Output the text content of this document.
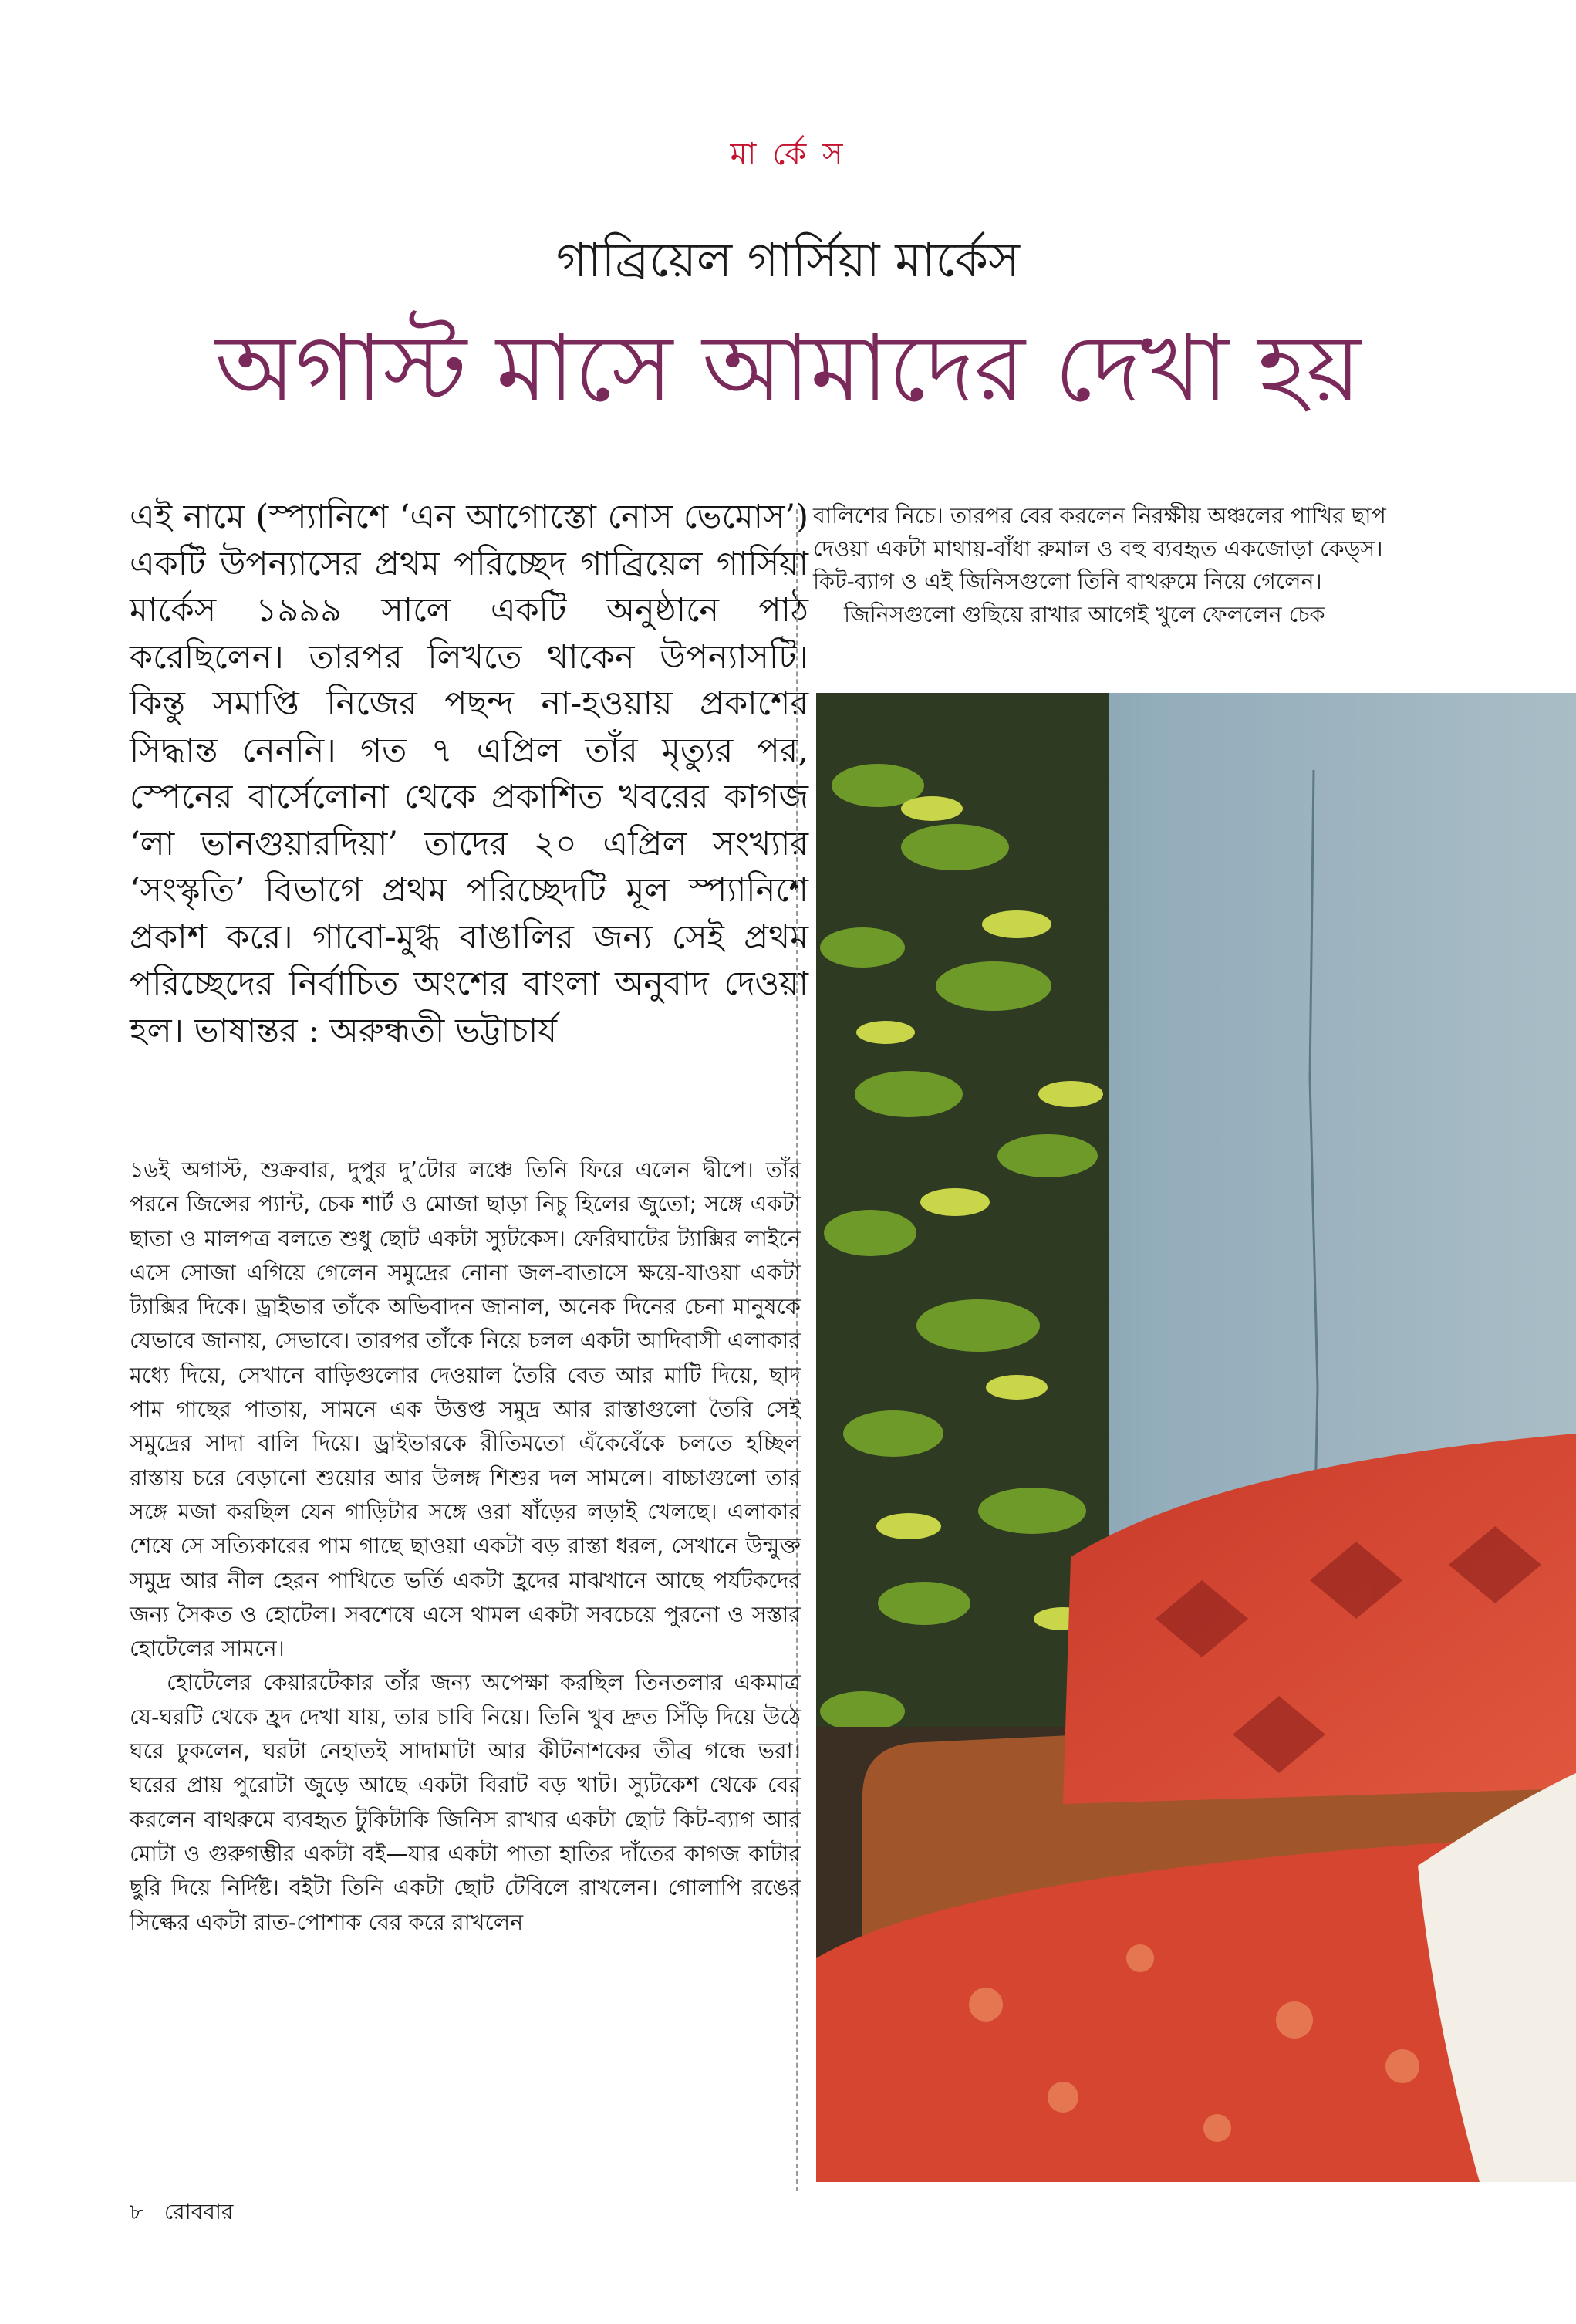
মা র্কে স
গাব্রিয়েল গার্সিয়া মার্কেস
অগাস্ট মাসে আমাদের দেখা হয়
এই নামে (স্প্যানিশে ‘এন আগোস্তো নোস ভেমোস’) একটি উপন্যাসের প্রথম পরিচ্ছেদ গাব্রিয়েল গার্সিয়া মার্কেস ১৯৯৯ সালে একটি অনুষ্ঠানে পাঠ করেছিলেন। তারপর লিখতে থাকেন উপন্যাসটি। কিন্তু সমাপ্তি নিজের পছন্দ না-হওয়ায় প্রকাশের সিদ্ধান্ত নেননি। গত ৭ এপ্রিল তাঁর মৃত্যুর পর, স্পেনের বার্সেলোনা থেকে প্রকাশিত খবরের কাগজ ‘লা ভানগুয়ারদিয়া’ তাদের ২০ এপ্রিল সংখ্যার ‘সংস্কৃতি’ বিভাগে প্রথম পরিচ্ছেদটি মূল স্প্যানিশে প্রকাশ করে। গাবো-মুগ্ধ বাঙালির জন্য সেই প্রথম পরিচ্ছেদের নির্বাচিত অংশের বাংলা অনুবাদ দেওয়া হল। ভাষান্তর : অরুন্ধতী ভট্টাচার্য

১৬ই অগাস্ট, শুক্রবার, দুপুর দু’টোর লঞ্চে তিনি ফিরে এলেন দ্বীপে। তাঁর পরনে জিন্সের প্যান্ট, চেক শার্ট ও মোজা ছাড়া নিচু হিলের জুতো; সঙ্গে একটা ছাতা ও মালপত্র বলতে শুধু ছোট একটা স্যুটকেস। ফেরিঘাটের ট্যাক্সির লাইনে এসে সোজা এগিয়ে গেলেন সমুদ্রের নোনা জল-বাতাসে ক্ষয়ে-যাওয়া একটা ট্যাক্সির দিকে। ড্রাইভার তাঁকে অভিবাদন জানাল, অনেক দিনের চেনা মানুষকে যেভাবে জানায়, সেভাবে। তারপর তাঁকে নিয়ে চলল একটা আদিবাসী এলাকার মধ্যে দিয়ে, সেখানে বাড়িগুলোর দেওয়াল তৈরি বেত আর মাটি দিয়ে, ছাদ পাম গাছের পাতায়, সামনে এক উত্তপ্ত সমুদ্র আর রাস্তাগুলো তৈরি সেই সমুদ্রের সাদা বালি দিয়ে। ড্রাইভারকে রীতিমতো এঁকেবেঁকে চলতে হচ্ছিল রাস্তায় চরে বেড়ানো শুয়োর আর উলঙ্গ শিশুর দল সামলে। বাচ্চাগুলো তার সঙ্গে মজা করছিল যেন গাড়িটার সঙ্গে ওরা ষাঁড়ের লড়াই খেলছে। এলাকার শেষে সে সত্যিকারের পাম গাছে ছাওয়া একটা বড় রাস্তা ধরল, সেখানে উন্মুক্ত সমুদ্র আর নীল হেরন পাখিতে ভর্তি একটা হ্রদের মাঝখানে আছে পর্যটকদের জন্য সৈকত ও হোটেল। সবশেষে এসে থামল একটা সবচেয়ে পুরনো ও সস্তার হোটেলের সামনে।

হোটেলের কেয়ারটেকার তাঁর জন্য অপেক্ষা করছিল তিনতলার একমাত্র যে-ঘরটি থেকে হ্রদ দেখা যায়, তার চাবি নিয়ে। তিনি খুব দ্রুত সিঁড়ি দিয়ে উঠে ঘরে ঢুকলেন, ঘরটা নেহাতই সাদামাটা আর কীটনাশকের তীব্র গন্ধে ভরা। ঘরের প্রায় পুরোটা জুড়ে আছে একটা বিরাট বড় খাট। স্যুটকেশ থেকে বের করলেন বাথরুমে ব্যবহৃত টুকিটাকি জিনিস রাখার একটা ছোট কিট-ব্যাগ আর মোটা ও গুরুগম্ভীর একটা বই—যার একটা পাতা হাতির দাঁতের কাগজ কাটার ছুরি দিয়ে নির্দিষ্ট। বইটা তিনি একটা ছোট টেবিলে রাখলেন। গোলাপি রঙের সিল্কের একটা রাত-পোশাক বের করে রাখলেন

বালিশের নিচে। তারপর বের করলেন নিরক্ষীয় অঞ্চলের পাখির ছাপ দেওয়া একটা মাথায়-বাঁধা রুমাল ও বহু ব্যবহৃত একজোড়া কেড্স। কিট-ব্যাগ ও এই জিনিসগুলো তিনি বাথরুমে নিয়ে গেলেন।

জিনিসগুলো গুছিয়ে রাখার আগেই খুলে ফেললেন চেক

৮ রোববার
